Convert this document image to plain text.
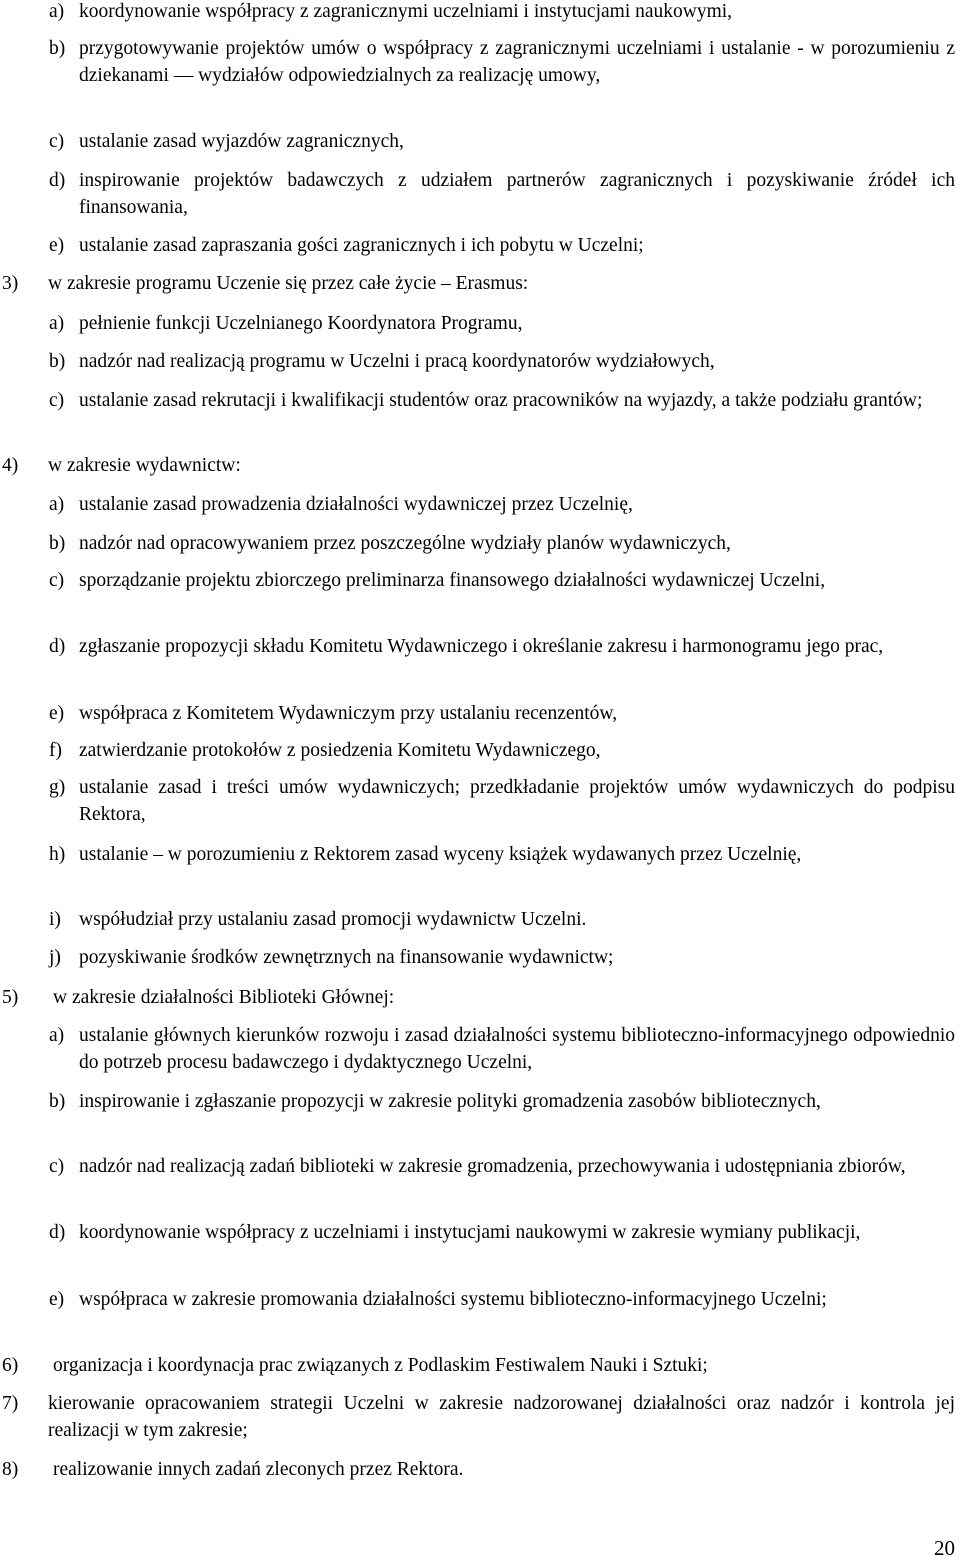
a) koordynowanie współpracy z zagranicznymi uczelniami i instytucjami naukowymi,
b) przygotowywanie projektów umów o współpracy z zagranicznymi uczelniami i ustalanie - w porozumieniu z dziekanami ― wydziałów odpowiedzialnych za realizację umowy,
c) ustalanie zasad wyjazdów zagranicznych,
d) inspirowanie projektów badawczych z udziałem partnerów zagranicznych i pozyskiwanie źródeł ich finansowania,
e) ustalanie zasad zapraszania gości zagranicznych i ich pobytu w Uczelni;
3) w zakresie programu Uczenie się przez całe życie – Erasmus:
a) pełnienie funkcji Uczelnianego Koordynatora Programu,
b) nadzór nad realizacją programu w Uczelni i pracą koordynatorów wydziałowych,
c) ustalanie zasad rekrutacji i kwalifikacji studentów oraz pracowników na wyjazdy, a także podziału grantów;
4) w zakresie wydawnictw:
a) ustalanie zasad prowadzenia działalności wydawniczej przez Uczelnię,
b) nadzór nad opracowywaniem przez poszczególne wydziały planów wydawniczych,
c) sporządzanie projektu zbiorczego preliminarza finansowego działalności wydawniczej Uczelni,
d) zgłaszanie propozycji składu Komitetu Wydawniczego i określanie zakresu i harmonogramu jego prac,
e) współpraca z Komitetem Wydawniczym przy ustalaniu recenzentów,
f) zatwierdzanie protokołów z posiedzenia Komitetu Wydawniczego,
g) ustalanie zasad i treści umów wydawniczych; przedkładanie projektów umów wydawniczych do podpisu Rektora,
h) ustalanie – w porozumieniu z Rektorem zasad wyceny książek wydawanych przez Uczelnię,
i) współudział przy ustalaniu zasad promocji wydawnictw Uczelni.
j) pozyskiwanie środków zewnętrznych na finansowanie wydawnictw;
5) w zakresie działalności Biblioteki Głównej:
a) ustalanie głównych kierunków rozwoju i zasad działalności systemu biblioteczno-informacyjnego odpowiednio do potrzeb procesu badawczego i dydaktycznego Uczelni,
b) inspirowanie i zgłaszanie propozycji w zakresie polityki gromadzenia zasobów bibliotecznych,
c) nadzór nad realizacją zadań biblioteki w zakresie gromadzenia, przechowywania i udostępniania zbiorów,
d) koordynowanie współpracy z uczelniami i instytucjami naukowymi w zakresie wymiany publikacji,
e) współpraca w zakresie promowania działalności systemu biblioteczno-informacyjnego Uczelni;
6) organizacja i koordynacja prac związanych z Podlaskim Festiwalem Nauki i Sztuki;
7) kierowanie opracowaniem strategii Uczelni w zakresie nadzorowanej działalności oraz nadzór i kontrola jej realizacji w tym zakresie;
8) realizowanie innych zadań zleconych przez Rektora.
20
